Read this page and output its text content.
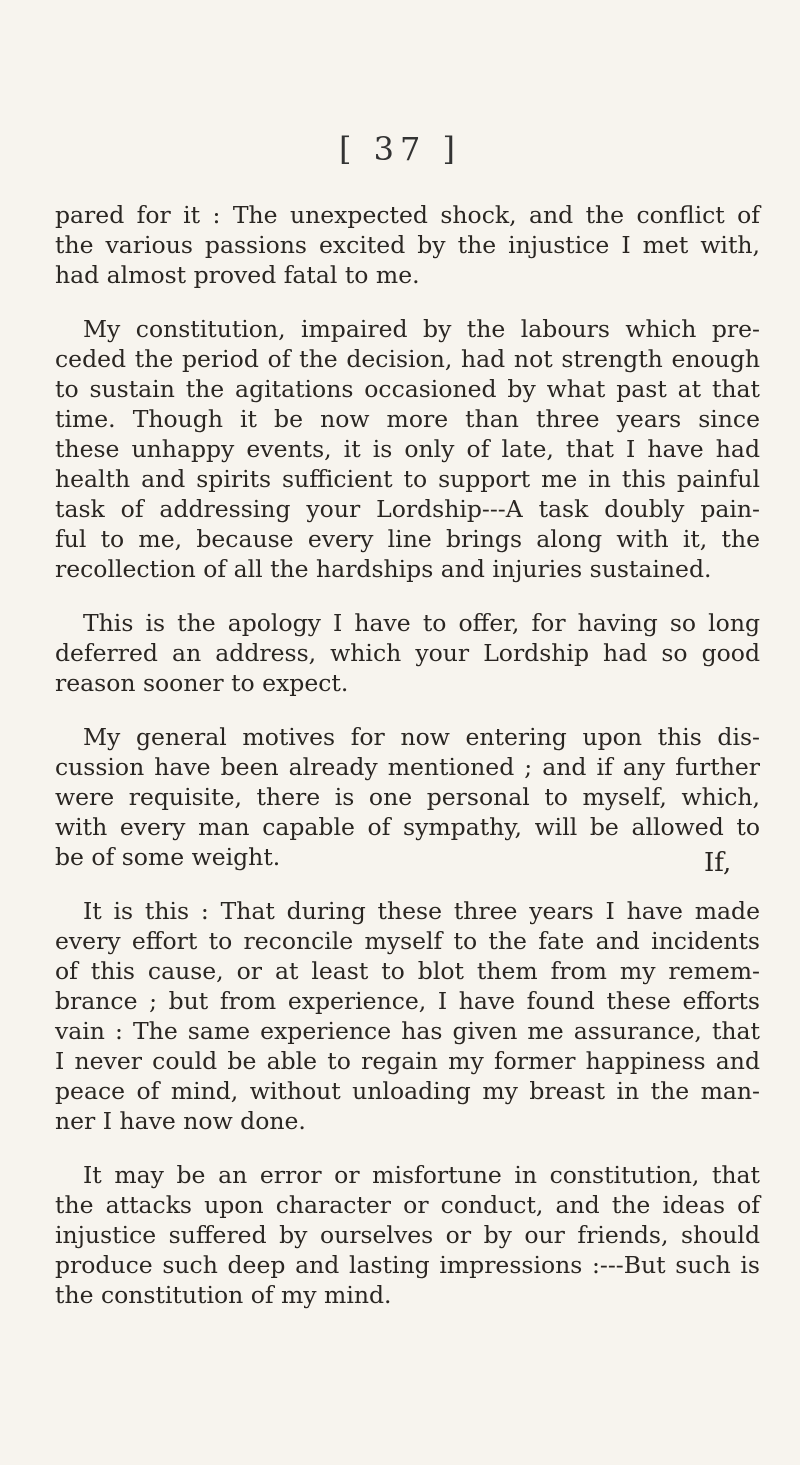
[ 37 ]
pared for it : The unexpected shock, and the conflict of
the various passions excited by the injustice I met with,
had almost proved fatal to me.
My constitution, impaired by the labours which pre-
ceded the period of the decision, had not strength enough
to sustain the agitations occasioned by what past at that
time. Though it be now more than three years since
these unhappy events, it is only of late, that I have had
health and spirits sufficient to support me in this painful
task of addressing your Lordship---A task doubly pain-
ful to me, because every line brings along with it, the
recollection of all the hardships and injuries sustained.
This is the apology I have to offer, for having so long
deferred an address, which your Lordship had so good
reason sooner to expect.
My general motives for now entering upon this dis-
cussion have been already mentioned ; and if any further
were requisite, there is one personal to myself, which,
with every man capable of sympathy, will be allowed to
be of some weight.
It is this : That during these three years I have made
every effort to reconcile myself to the fate and incidents
of this cause, or at least to blot them from my remem-
brance ; but from experience, I have found these efforts
vain : The same experience has given me assurance, that
I never could be able to regain my former happiness and
peace of mind, without unloading my breast in the man-
ner I have now done.
It may be an error or misfortune in constitution, that
the attacks upon character or conduct, and the ideas of
injustice suffered by ourselves or by our friends, should
produce such deep and lasting impressions :---But such is
the constitution of my mind.
If,
